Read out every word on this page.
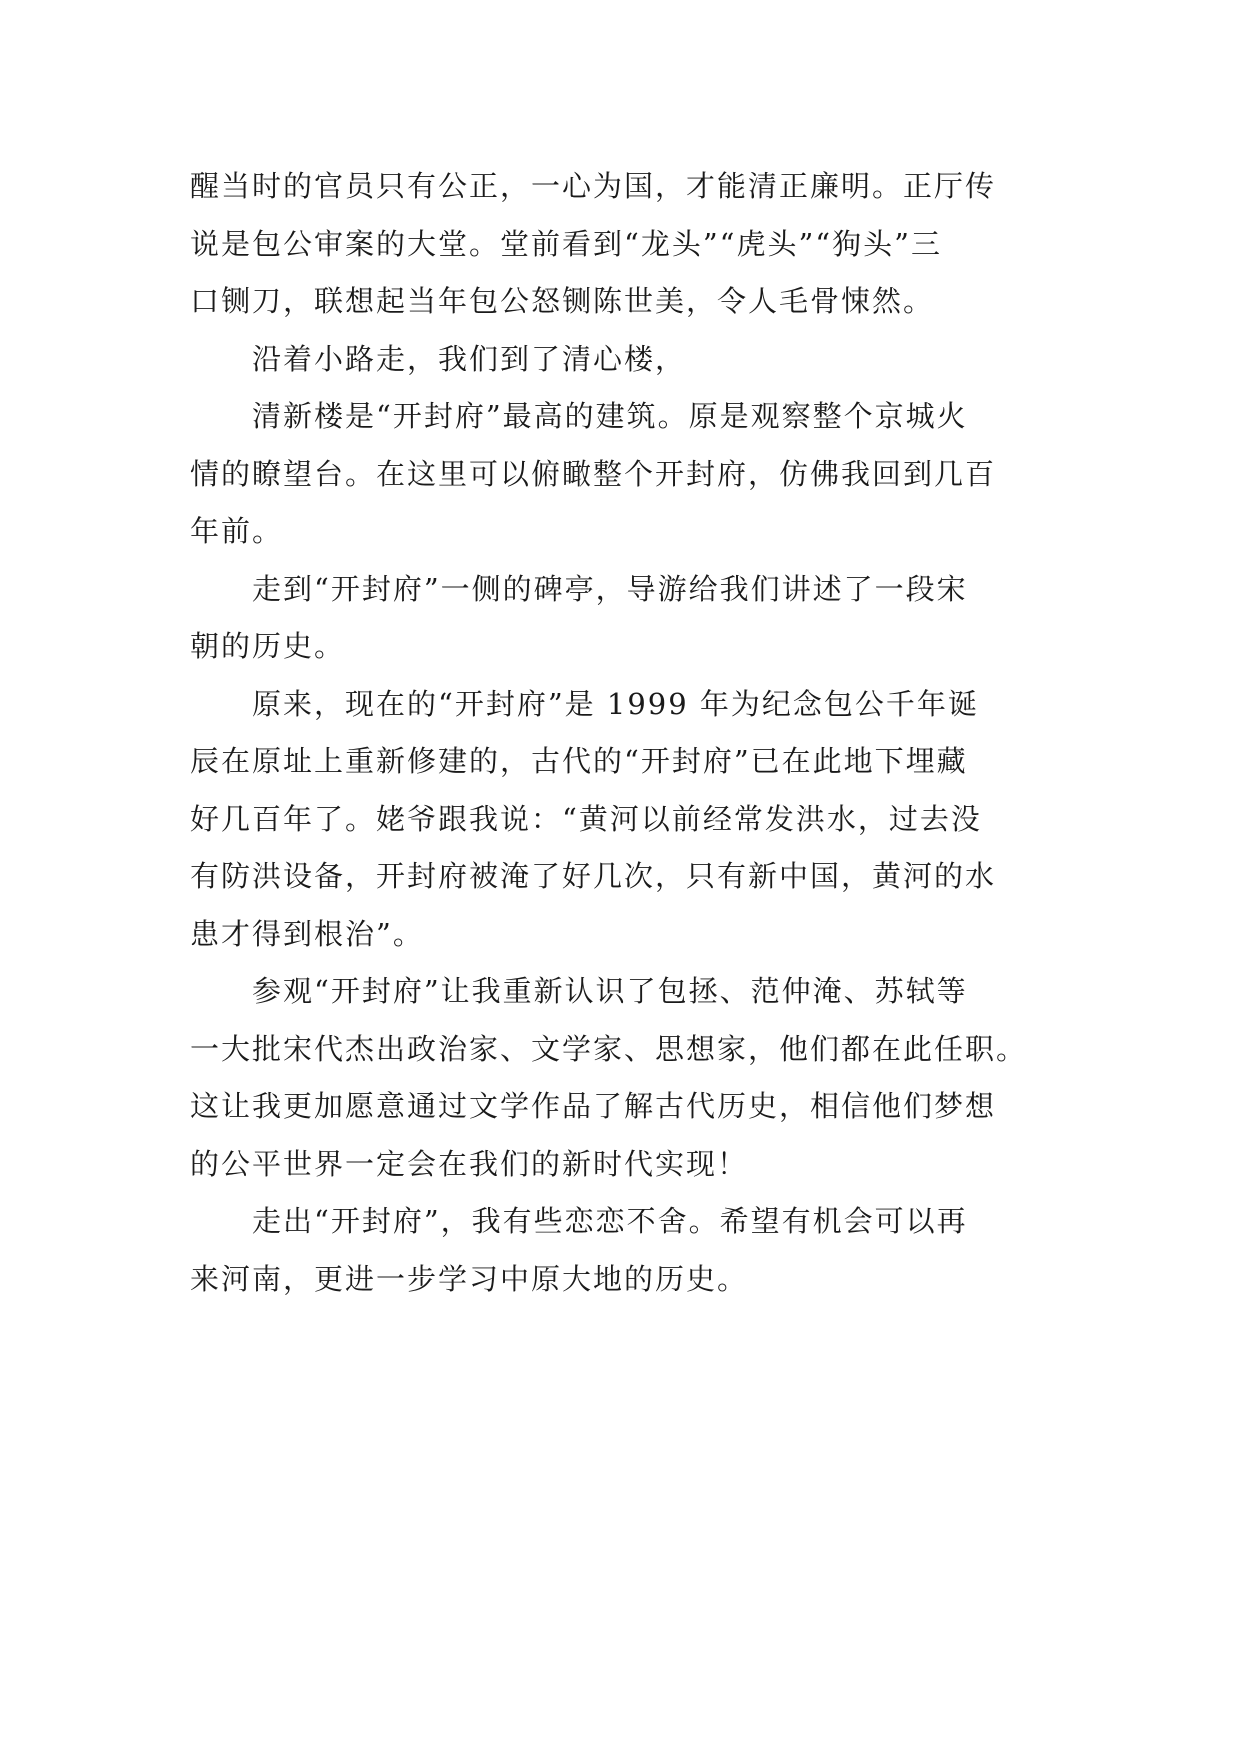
醒当时的官员只有公正，一心为国，才能清正廉明。正厅传
说是包公审案的大堂。堂前看到“龙头”“虎头”“狗头”三
口铡刀，联想起当年包公怒铡陈世美，令人毛骨悚然。
沿着小路走，我们到了清心楼，
清新楼是“开封府”最高的建筑。原是观察整个京城火
情的瞭望台。在这里可以俯瞰整个开封府，仿佛我回到几百
年前。
走到“开封府”一侧的碑亭，导游给我们讲述了一段宋
朝的历史。
原来，现在的“开封府”是 1999 年为纪念包公千年诞
辰在原址上重新修建的，古代的“开封府”已在此地下埋藏
好几百年了。姥爷跟我说：“黄河以前经常发洪水，过去没
有防洪设备，开封府被淹了好几次，只有新中国，黄河的水
患才得到根治”。
参观“开封府”让我重新认识了包拯、范仲淹、苏轼等
一大批宋代杰出政治家、文学家、思想家，他们都在此任职。
这让我更加愿意通过文学作品了解古代历史，相信他们梦想
的公平世界一定会在我们的新时代实现！
走出“开封府”，我有些恋恋不舍。希望有机会可以再
来河南，更进一步学习中原大地的历史。
